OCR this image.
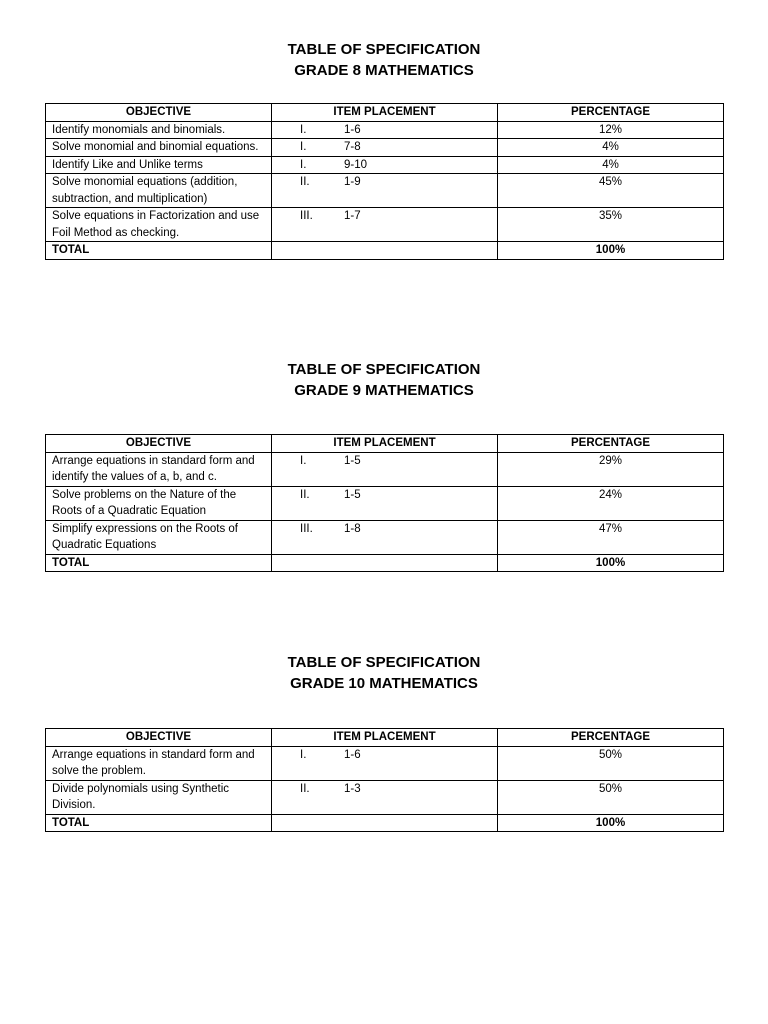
TABLE OF SPECIFICATION

GRADE 8 MATHEMATICS

OBJECTIVE	ITEM PLACEMENT	PERCENTAGE
Identify monomials and binomials.	I. 1-6	12%
Solve monomial and binomial equations.	I. 7-8	4%
Identify Like and Unlike terms	I. 9-10	4%
Solve monomial equations (addition, subtraction, and multiplication)	II. 1-9	45%
Solve equations in Factorization and use Foil Method as checking.	III. 1-7	35%
TOTAL		100%

TABLE OF SPECIFICATION

GRADE 9 MATHEMATICS

OBJECTIVE	ITEM PLACEMENT	PERCENTAGE
Arrange equations in standard form and identify the values of a, b, and c.	I. 1-5	29%
Solve problems on the Nature of the Roots of a Quadratic Equation	II. 1-5	24%
Simplify expressions on the Roots of Quadratic Equations	III. 1-8	47%
TOTAL		100%

TABLE OF SPECIFICATION

GRADE 10 MATHEMATICS

OBJECTIVE	ITEM PLACEMENT	PERCENTAGE
Arrange equations in standard form and solve the problem.	I. 1-6	50%
Divide polynomials using Synthetic Division.	II. 1-3	50%
TOTAL		100%
